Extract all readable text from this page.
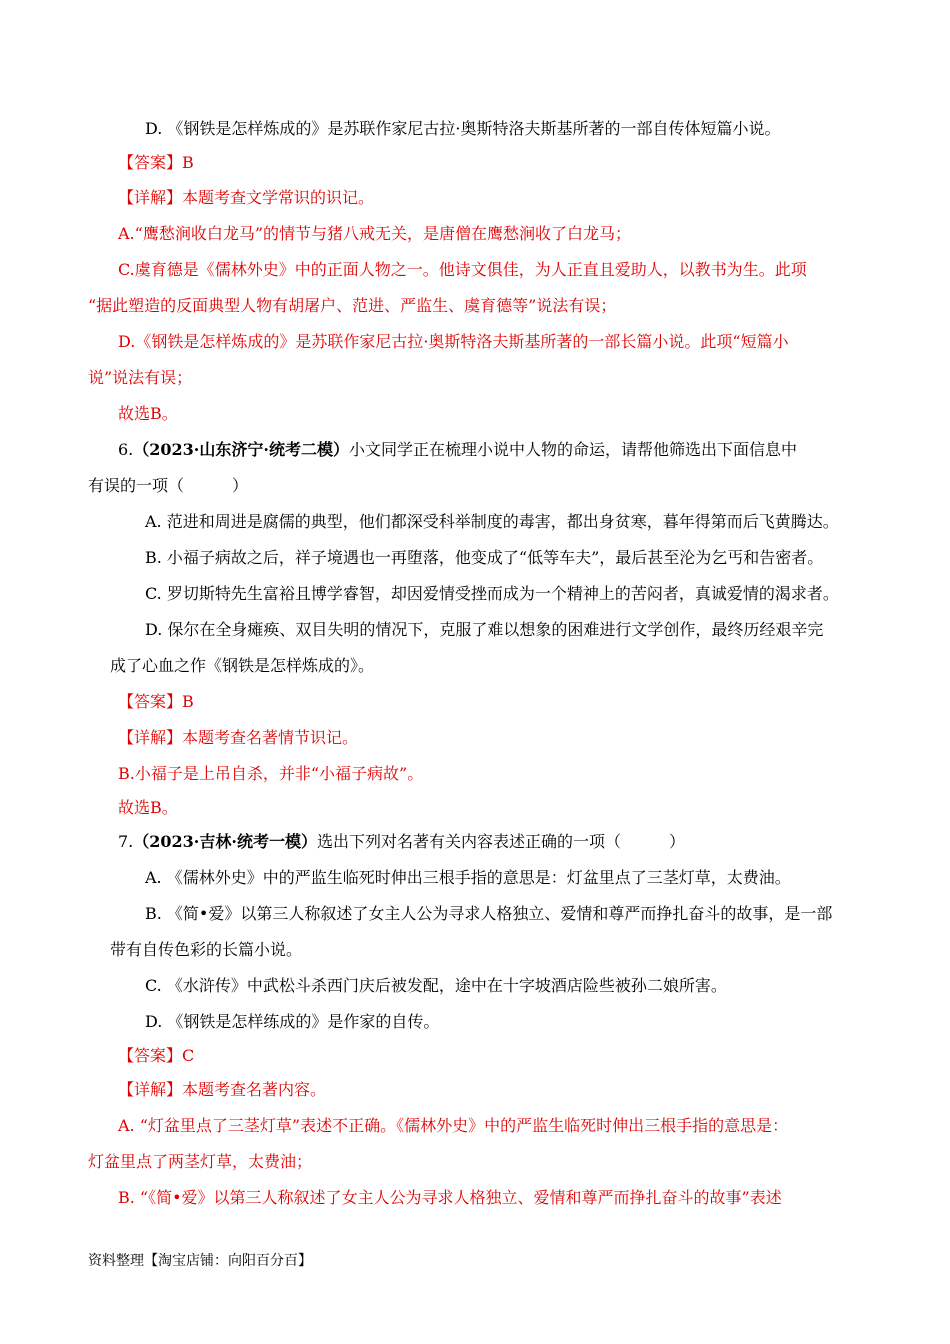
D. 《钢铁是怎样炼成的》是苏联作家尼古拉·奥斯特洛夫斯基所著的一部自传体短篇小说。
【答案】B
【详解】本题考查文学常识的识记。
A.“鹰愁涧收白龙马”的情节与猪八戒无关，是唐僧在鹰愁涧收了白龙马；
C.虞育德是《儒林外史》中的正面人物之一。他诗文俱佳，为人正直且爱助人，以教书为生。此项
“据此塑造的反面典型人物有胡屠户、范进、严监生、虞育德等”说法有误；
D.《钢铁是怎样炼成的》是苏联作家尼古拉·奥斯特洛夫斯基所著的一部长篇小说。此项“短篇小
说”说法有误；
故选B。
6.（2023·山东济宁·统考二模）小文同学正在梳理小说中人物的命运，请帮他筛选出下面信息中
有误的一项（　　　）
A. 范进和周进是腐儒的典型，他们都深受科举制度的毒害，都出身贫寒，暮年得第而后飞黄腾达。
B. 小福子病故之后，祥子境遇也一再堕落，他变成了“低等车夫”，最后甚至沦为乞丐和告密者。
C. 罗切斯特先生富裕且博学睿智，却因爱情受挫而成为一个精神上的苦闷者，真诚爱情的渴求者。
D. 保尔在全身瘫痪、双目失明的情况下，克服了难以想象的困难进行文学创作，最终历经艰辛完
成了心血之作《钢铁是怎样炼成的》。
【答案】B
【详解】本题考查名著情节识记。
B.小福子是上吊自杀，并非“小福子病故”。
故选B。
7.（2023·吉林·统考一模）选出下列对名著有关内容表述正确的一项（　　　）
A. 《儒林外史》中的严监生临死时伸出三根手指的意思是：灯盆里点了三茎灯草，太费油。
B. 《简•爱》以第三人称叙述了女主人公为寻求人格独立、爱情和尊严而挣扎奋斗的故事，是一部
带有自传色彩的长篇小说。
C. 《水浒传》中武松斗杀西门庆后被发配，途中在十字坡酒店险些被孙二娘所害。
D. 《钢铁是怎样练成的》是作家的自传。
【答案】C
【详解】本题考查名著内容。
A. “灯盆里点了三茎灯草”表述不正确。《儒林外史》中的严监生临死时伸出三根手指的意思是：
灯盆里点了两茎灯草，太费油；
B. “《简•爱》以第三人称叙述了女主人公为寻求人格独立、爱情和尊严而挣扎奋斗的故事”表述
资料整理【淘宝店铺：向阳百分百】
